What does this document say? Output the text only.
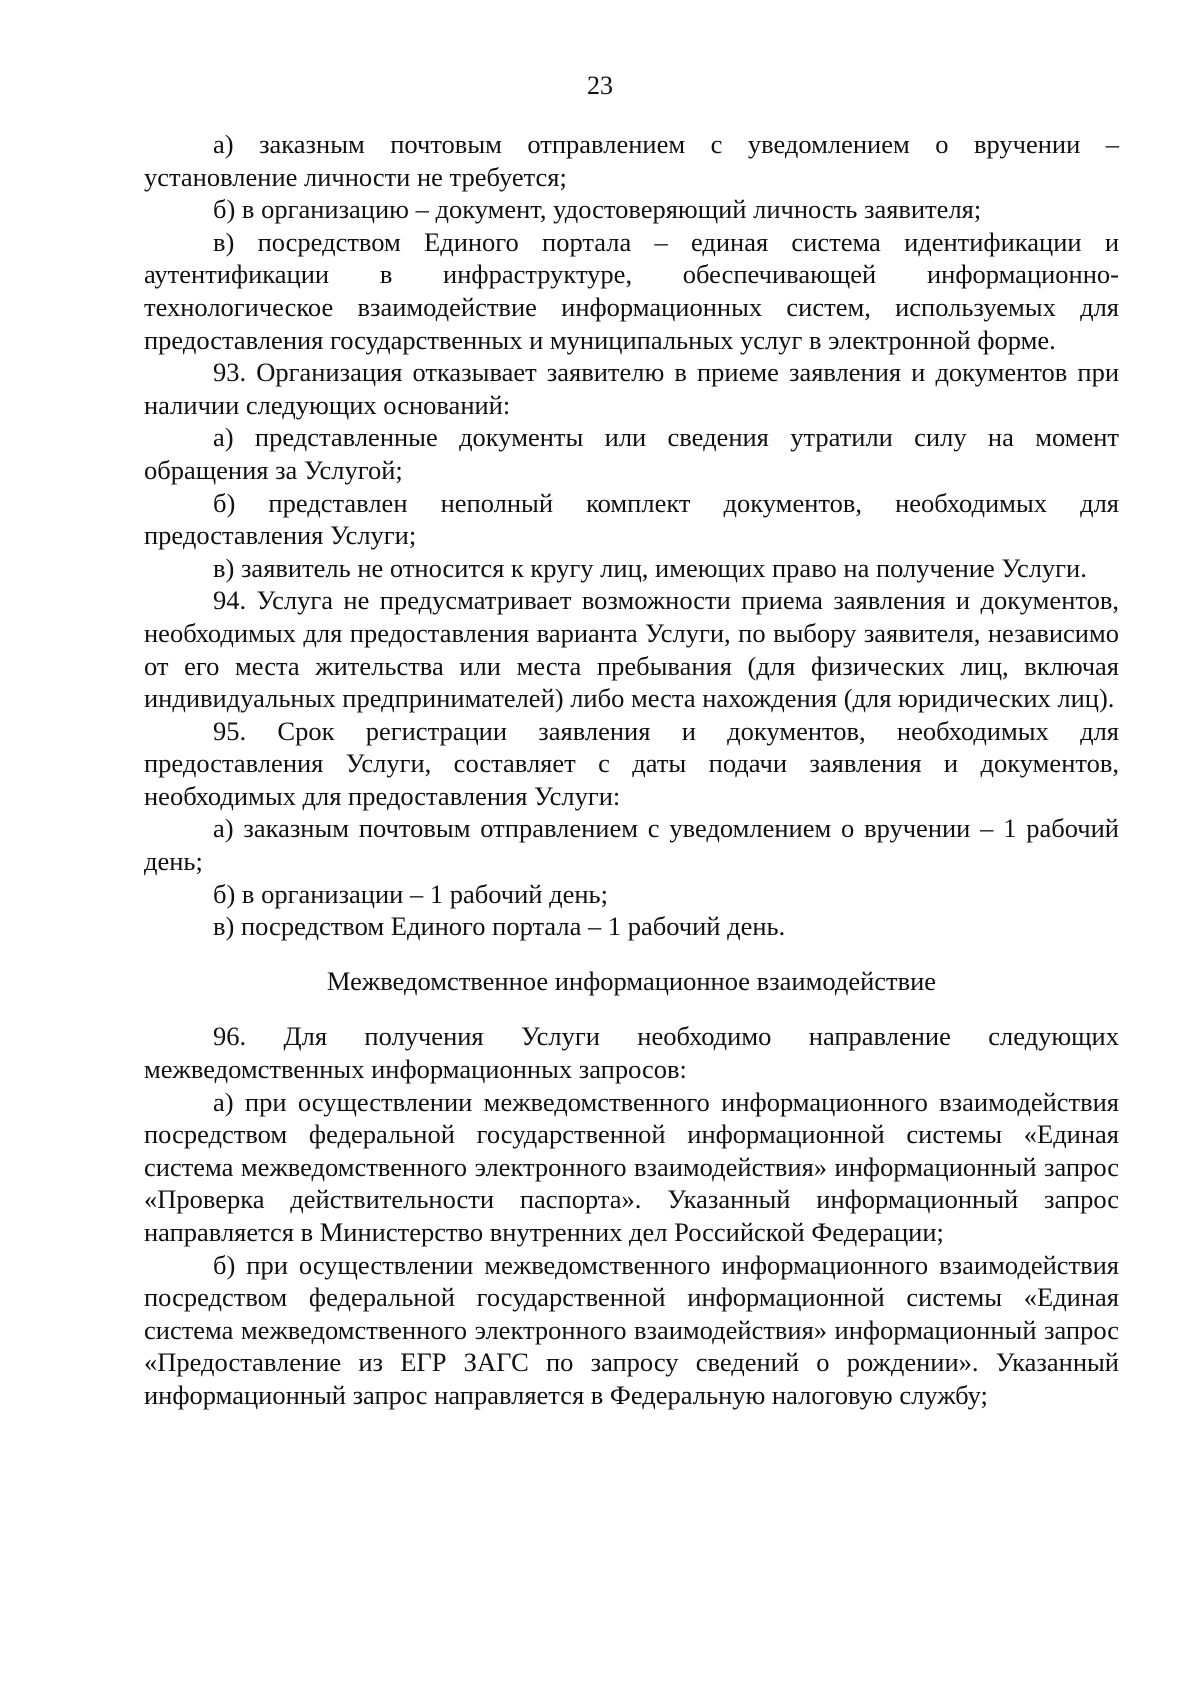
23

а) заказным почтовым отправлением с уведомлением о вручении – установление личности не требуется;

б) в организацию – документ, удостоверяющий личность заявителя;

в) посредством Единого портала – единая система идентификации и аутентификации в инфраструктуре, обеспечивающей информационно-технологическое взаимодействие информационных систем, используемых для предоставления государственных и муниципальных услуг в электронной форме.

93. Организация отказывает заявителю в приеме заявления и документов при наличии следующих оснований:

а) представленные документы или сведения утратили силу на момент обращения за Услугой;

б) представлен неполный комплект документов, необходимых для предоставления Услуги;

в) заявитель не относится к кругу лиц, имеющих право на получение Услуги.

94. Услуга не предусматривает возможности приема заявления и документов, необходимых для предоставления варианта Услуги, по выбору заявителя, независимо от его места жительства или места пребывания (для физических лиц, включая индивидуальных предпринимателей) либо места нахождения (для юридических лиц).

95. Срок регистрации заявления и документов, необходимых для предоставления Услуги, составляет с даты подачи заявления и документов, необходимых для предоставления Услуги:

а) заказным почтовым отправлением с уведомлением о вручении – 1 рабочий день;

б) в организации – 1 рабочий день;

в) посредством Единого портала – 1 рабочий день.

Межведомственное информационное взаимодействие

96. Для получения Услуги необходимо направление следующих межведомственных информационных запросов:

а) при осуществлении межведомственного информационного взаимодействия посредством федеральной государственной информационной системы «Единая система межведомственного электронного взаимодействия» информационный запрос «Проверка действительности паспорта». Указанный информационный запрос направляется в Министерство внутренних дел Российской Федерации;

б) при осуществлении межведомственного информационного взаимодействия посредством федеральной государственной информационной системы «Единая система межведомственного электронного взаимодействия» информационный запрос «Предоставление из ЕГР ЗАГС по запросу сведений о рождении». Указанный информационный запрос направляется в Федеральную налоговую службу;
